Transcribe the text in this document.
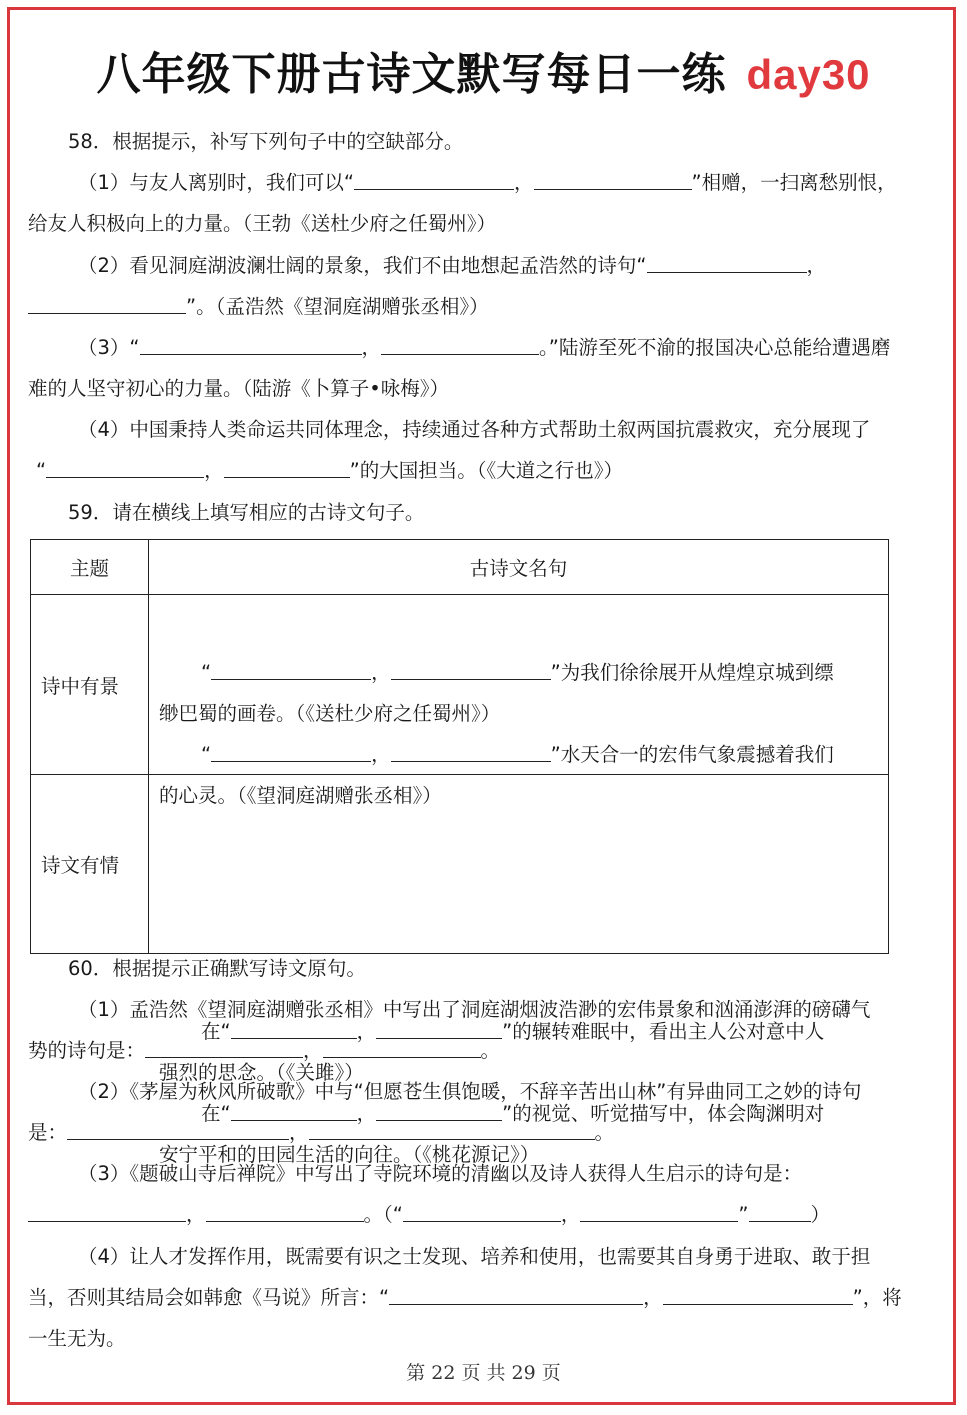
八年级下册古诗文默写每日一练 day30
58．根据提示，补写下列句子中的空缺部分。
（1）与友人离别时，我们可以“	，	”相赠，一扫离愁别恨，
给友人积极向上的力量。（王勃《送杜少府之任蜀州》）
（2）看见洞庭湖波澜壮阔的景象，我们不由地想起孟浩然的诗句“	，
”。（孟浩然《望洞庭湖赠张丞相》）
（3）“	，	。”陆游至死不渝的报国决心总能给遭遇磨
难的人坚守初心的力量。（陆游《卜算子•咏梅》）
（4）中国秉持人类命运共同体理念，持续通过各种方式帮助土叙两国抗震救灾，充分展现了
“	，	”的大国担当。（《大道之行也》）
59．请在横线上填写相应的古诗文句子。
主题	古诗文名句
诗中有景	“ ， ”为我们徐徐展开从煌煌京城到缥
缈巴蜀的画卷。（《送杜少府之任蜀州》）
“ ， ”水天合一的宏伟气象震撼着我们
的心灵。（《望洞庭湖赠张丞相》）

诗文有情	在“ ， ”的辗转难眠中，看出主人公对意中人
强烈的思念。（《关雎》）
在“ ， ”的视觉、听觉描写中，体会陶渊明对
安宁平和的田园生活的向往。（《桃花源记》）
60．根据提示正确默写诗文原句。
（1）孟浩然《望洞庭湖赠张丞相》中写出了洞庭湖烟波浩渺的宏伟景象和汹涌澎湃的磅礴气
势的诗句是：	，	。
（2）《茅屋为秋风所破歌》中与“但愿苍生俱饱暖，不辞辛苦出山林”有异曲同工之妙的诗句
是：	，	。
（3）《题破山寺后禅院》中写出了寺院环境的清幽以及诗人获得人生启示的诗句是：
，	。（“	，	”	）
（4）让人才发挥作用，既需要有识之士发现、培养和使用，也需要其自身勇于进取、敢于担
当，否则其结局会如韩愈《马说》所言：“	，	”，将
一生无为。
第 22 页 共 29 页
